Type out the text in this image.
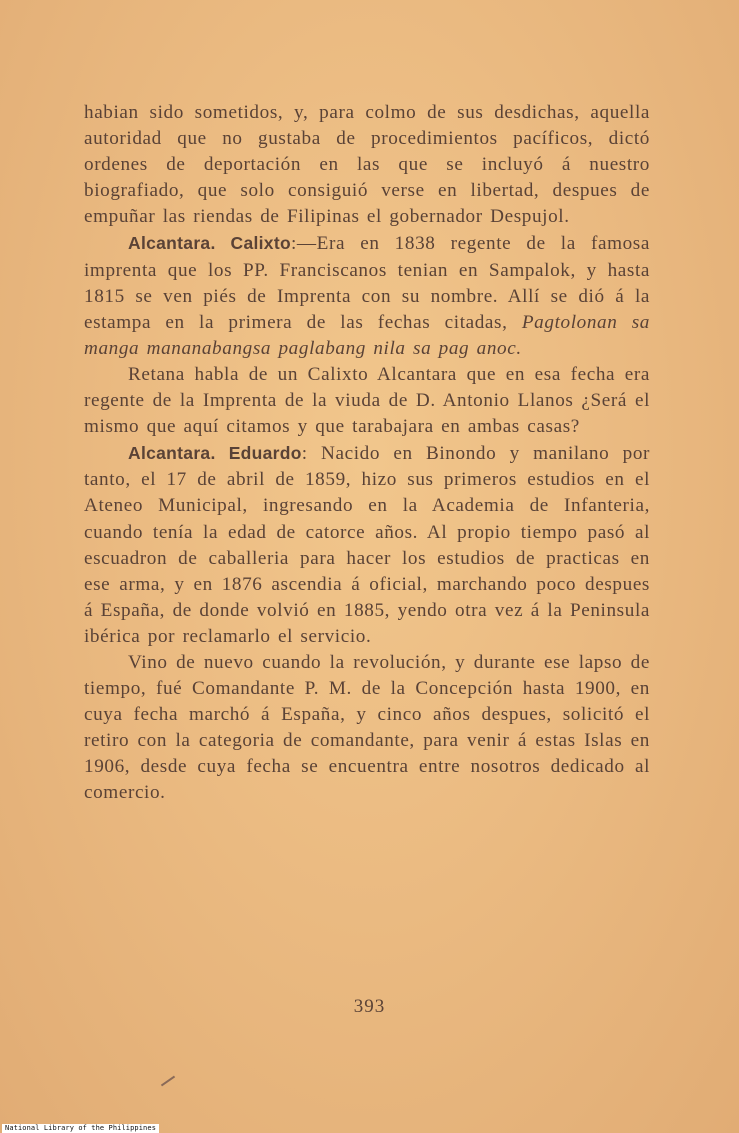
habian sido sometidos, y, para colmo de sus desdichas, aquella autoridad que no gustaba de procedimientos pacíficos, dictó ordenes de deportación en las que se incluyó á nuestro biografiado, que solo consiguió verse en libertad, despues de empuñar las riendas de Filipinas el gobernador Despujol.

Alcantara. Calixto:—Era en 1838 regente de la famosa imprenta que los PP. Franciscanos tenian en Sampalok, y hasta 1815 se ven piés de Imprenta con su nombre. Allí se dió á la estampa en la primera de las fechas citadas, Pagtolonan sa manga mananabangsa paglabang nila sa pag anoc.

Retana habla de un Calixto Alcantara que en esa fecha era regente de la Imprenta de la viuda de D. Antonio Llanos ¿Será el mismo que aquí citamos y que tarabajara en ambas casas?

Alcantara. Eduardo: Nacido en Binondo y manilano por tanto, el 17 de abril de 1859, hizo sus primeros estudios en el Ateneo Municipal, ingresando en la Academia de Infanteria, cuando tenía la edad de catorce años. Al propio tiempo pasó al escuadron de caballeria para hacer los estudios de practicas en ese arma, y en 1876 ascendia á oficial, marchando poco despues á España, de donde volvió en 1885, yendo otra vez á la Peninsula ibérica por reclamarlo el servicio.

Vino de nuevo cuando la revolución, y durante ese lapso de tiempo, fué Comandante P. M. de la Concepción hasta 1900, en cuya fecha marchó á España, y cinco años despues, solicitó el retiro con la categoria de comandante, para venir á estas Islas en 1906, desde cuya fecha se encuentra entre nosotros dedicado al comercio.

393
National Library of the Philippines
